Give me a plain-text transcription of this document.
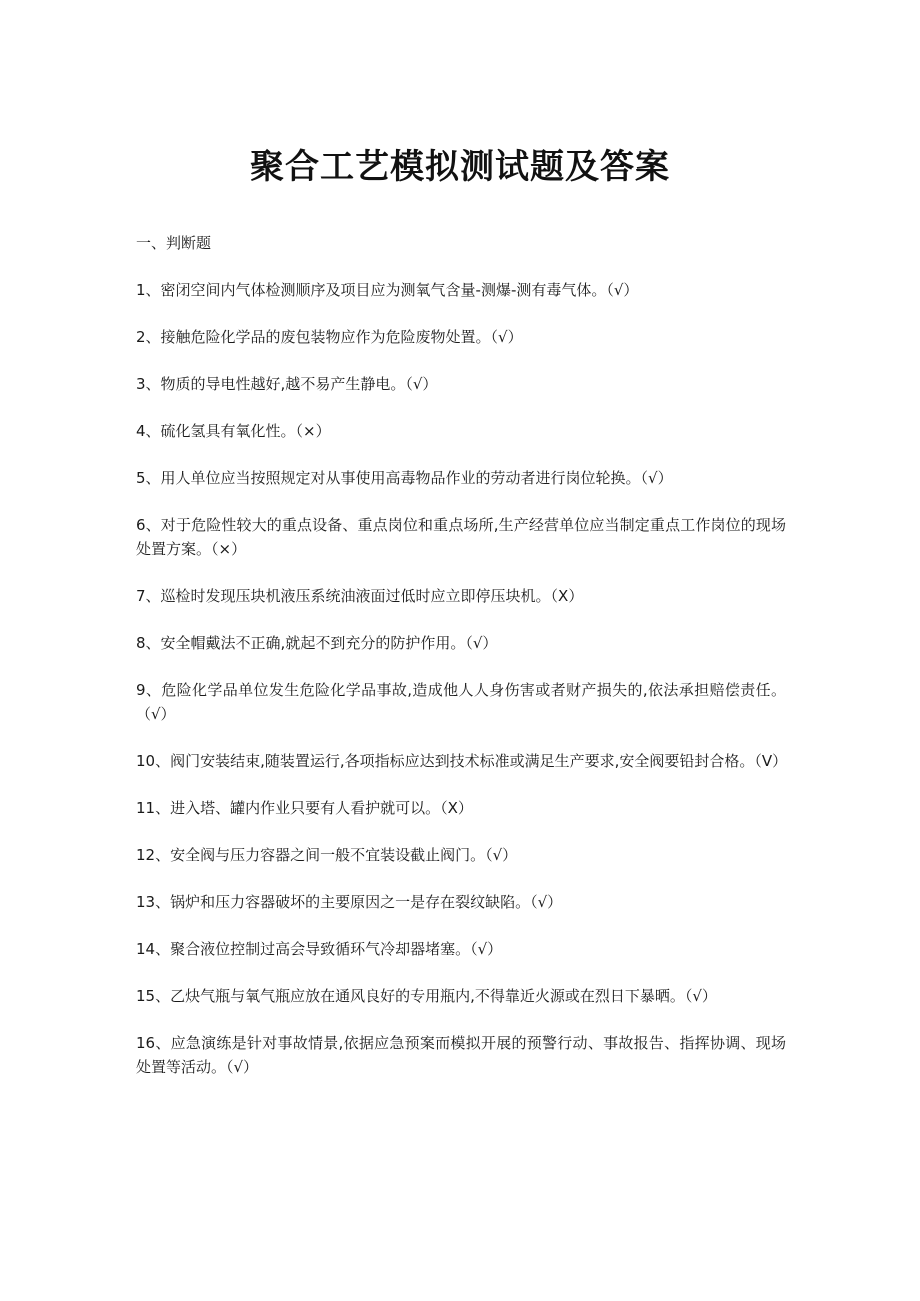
聚合工艺模拟测试题及答案
一、判断题

1、密闭空间内气体检测顺序及项目应为测氧气含量-测爆-测有毒气体。（√）

2、接触危险化学品的废包装物应作为危险废物处置。（√）

3、物质的导电性越好,越不易产生静电。（√）

4、硫化氢具有氧化性。（×）

5、用人单位应当按照规定对从事使用高毒物品作业的劳动者进行岗位轮换。（√）

6、对于危险性较大的重点设备、重点岗位和重点场所,生产经营单位应当制定重点工作岗位的现场处置方案。（×）

7、巡检时发现压块机液压系统油液面过低时应立即停压块机。（X）

8、安全帽戴法不正确,就起不到充分的防护作用。（√）

9、危险化学品单位发生危险化学品事故,造成他人人身伤害或者财产损失的,依法承担赔偿责任。（√）

10、阀门安装结束,随装置运行,各项指标应达到技术标准或满足生产要求,安全阀要铅封合格。（V）

11、进入塔、罐内作业只要有人看护就可以。（X）

12、安全阀与压力容器之间一般不宜装设截止阀门。（√）

13、锅炉和压力容器破坏的主要原因之一是存在裂纹缺陷。（√）

14、聚合液位控制过高会导致循环气冷却器堵塞。（√）

15、乙炔气瓶与氧气瓶应放在通风良好的专用瓶内,不得靠近火源或在烈日下暴晒。（√）

16、应急演练是针对事故情景,依据应急预案而模拟开展的预警行动、事故报告、指挥协调、现场处置等活动。（√）
